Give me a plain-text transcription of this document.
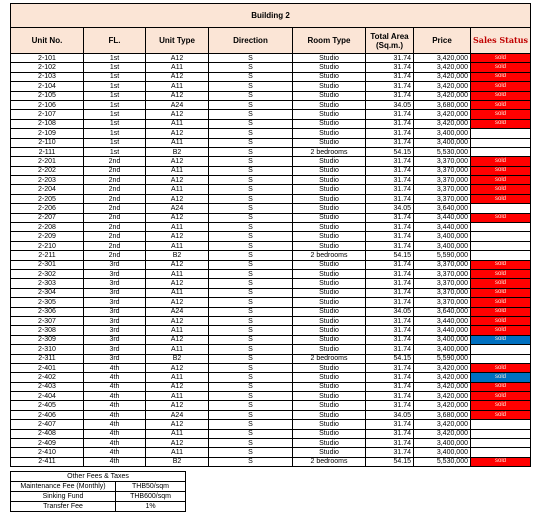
Building 2							
Unit No.	FL.	Unit Type	Direction	Room Type	Total Area
(Sq.m.)	Price	Sales Status
2-101	1st	A12	S	Studio	31.74	3,420,000	sold
2-102	1st	A11	S	Studio	31.74	3,420,000	sold
2-103	1st	A12	S	Studio	31.74	3,420,000	sold
2-104	1st	A11	S	Studio	31.74	3,420,000	sold
2-105	1st	A12	S	Studio	31.74	3,420,000	sold
2-106	1st	A24	S	Studio	34.05	3,680,000	sold
2-107	1st	A12	S	Studio	31.74	3,420,000	sold
2-108	1st	A11	S	Studio	31.74	3,420,000	sold
2-109	1st	A12	S	Studio	31.74	3,400,000	
2-110	1st	A11	S	Studio	31.74	3,400,000	
2-111	1st	B2	S	2 bedrooms	54.15	5,530,000	
2-201	2nd	A12	S	Studio	31.74	3,370,000	sold
2-202	2nd	A11	S	Studio	31.74	3,370,000	sold
2-203	2nd	A12	S	Studio	31.74	3,370,000	sold
2-204	2nd	A11	S	Studio	31.74	3,370,000	sold
2-205	2nd	A12	S	Studio	31.74	3,370,000	sold
2-206	2nd	A24	S	Studio	34.05	3,640,000	
2-207	2nd	A12	S	Studio	31.74	3,440,000	sold
2-208	2nd	A11	S	Studio	31.74	3,440,000	
2-209	2nd	A12	S	Studio	31.74	3,400,000	
2-210	2nd	A11	S	Studio	31.74	3,400,000	
2-211	2nd	B2	S	2 bedrooms	54.15	5,590,000	
2-301	3rd	A12	S	Studio	31.74	3,370,000	sold
2-302	3rd	A11	S	Studio	31.74	3,370,000	sold
2-303	3rd	A12	S	Studio	31.74	3,370,000	sold
2-304	3rd	A11	S	Studio	31.74	3,370,000	sold
2-305	3rd	A12	S	Studio	31.74	3,370,000	sold
2-306	3rd	A24	S	Studio	34.05	3,640,000	sold
2-307	3rd	A12	S	Studio	31.74	3,440,000	sold
2-308	3rd	A11	S	Studio	31.74	3,440,000	sold
2-309	3rd	A12	S	Studio	31.74	3,400,000	sold
2-310	3rd	A11	S	Studio	31.74	3,400,000	
2-311	3rd	B2	S	2 bedrooms	54.15	5,590,000	
2-401	4th	A12	S	Studio	31.74	3,420,000	sold
2-402	4th	A11	S	Studio	31.74	3,420,000	sold
2-403	4th	A12	S	Studio	31.74	3,420,000	sold
2-404	4th	A11	S	Studio	31.74	3,420,000	sold
2-405	4th	A12	S	Studio	31.74	3,420,000	sold
2-406	4th	A24	S	Studio	34.05	3,680,000	sold
2-407	4th	A12	S	Studio	31.74	3,420,000	
2-408	4th	A11	S	Studio	31.74	3,420,000	
2-409	4th	A12	S	Studio	31.74	3,400,000	
2-410	4th	A11	S	Studio	31.74	3,400,000	
2-411	4th	B2	S	2 bedrooms	54.15	5,530,000	sold
Other Fees & Taxes	
Maintenance Fee (Monthly)	THB50/sqm
Sinking Fund	THB600/sqm
Transfer Fee	1%
